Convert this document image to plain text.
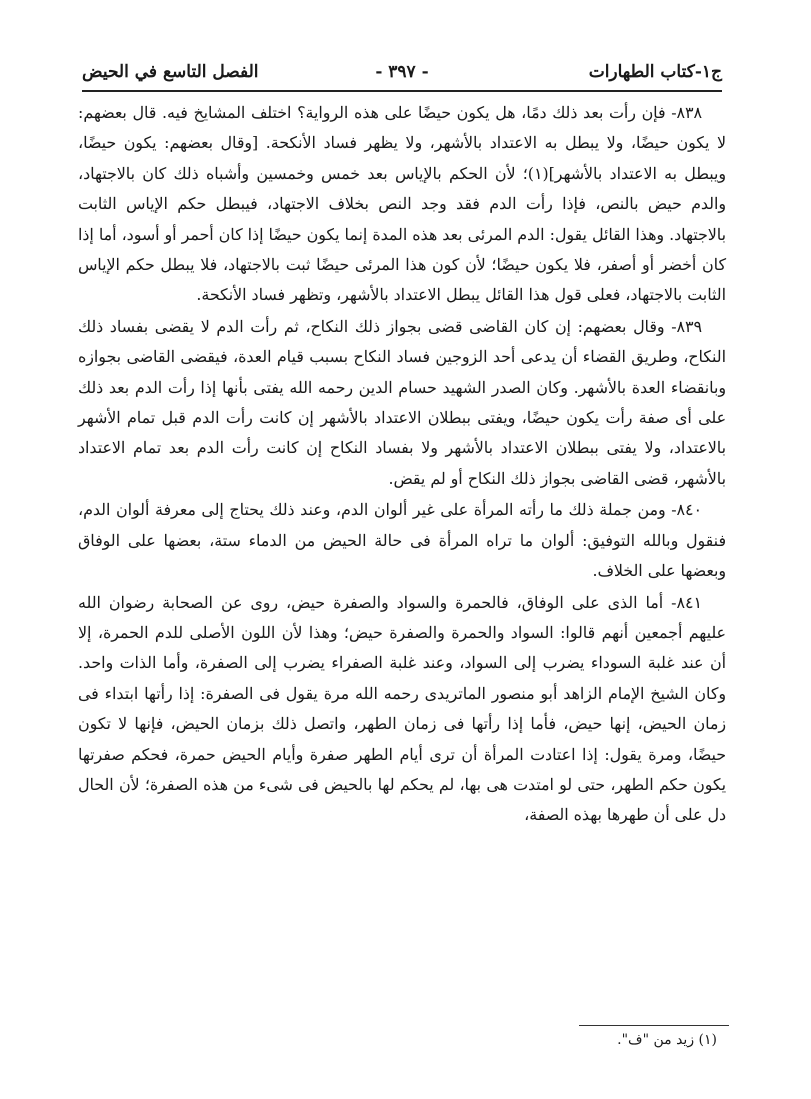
ج١-كتاب الطهارات
- ٣٩٧ -
الفصل التاسع في الحيض

٨٣٨- فإن رأت بعد ذلك دمًا، هل يكون حيضًا على هذه الرواية؟ اختلف المشايخ فيه. قال بعضهم: لا يكون حيضًا، ولا يبطل به الاعتداد بالأشهر، ولا يظهر فساد الأنكحة. [وقال بعضهم: يكون حيضًا، ويبطل به الاعتداد بالأشهر](١)؛ لأن الحكم بالإياس بعد خمس وخمسين وأشباه ذلك كان بالاجتهاد، والدم حيض بالنص، فإذا رأت الدم فقد وجد النص بخلاف الاجتهاد، فيبطل حكم الإياس الثابت بالاجتهاد. وهذا القائل يقول: الدم المرئى بعد هذه المدة إنما يكون حيضًا إذا كان أحمر أو أسود، أما إذا كان أخضر أو أصفر، فلا يكون حيضًا؛ لأن كون هذا المرئى حيضًا ثبت بالاجتهاد، فلا يبطل حكم الإياس الثابت بالاجتهاد، فعلى قول هذا القائل يبطل الاعتداد بالأشهر، وتظهر فساد الأنكحة.

٨٣٩- وقال بعضهم: إن كان القاضى قضى بجواز ذلك النكاح، ثم رأت الدم لا يقضى بفساد ذلك النكاح، وطريق القضاء أن يدعى أحد الزوجين فساد النكاح بسبب قيام العدة، فيقضى القاضى بجوازه وبانقضاء العدة بالأشهر. وكان الصدر الشهيد حسام الدين رحمه الله يفتى بأنها إذا رأت الدم بعد ذلك على أى صفة رأت يكون حيضًا، ويفتى ببطلان الاعتداد بالأشهر إن كانت رأت الدم قبل تمام الأشهر بالاعتداد، ولا يفتى ببطلان الاعتداد بالأشهر ولا بفساد النكاح إن كانت رأت الدم بعد تمام الاعتداد بالأشهر، قضى القاضى بجواز ذلك النكاح أو لم يقض.

٨٤٠- ومن جملة ذلك ما رأته المرأة على غير ألوان الدم، وعند ذلك يحتاج إلى معرفة ألوان الدم، فنقول وبالله التوفيق: ألوان ما تراه المرأة فى حالة الحيض من الدماء ستة، بعضها على الوفاق وبعضها على الخلاف.

٨٤١- أما الذى على الوفاق، فالحمرة والسواد والصفرة حيض، روى عن الصحابة رضوان الله عليهم أجمعين أنهم قالوا: السواد والحمرة والصفرة حيض؛ وهذا لأن اللون الأصلى للدم الحمرة، إلا أن عند غلبة السوداء يضرب إلى السواد، وعند غلبة الصفراء يضرب إلى الصفرة، وأما الذات واحد. وكان الشيخ الإمام الزاهد أبو منصور الماتريدى رحمه الله مرة يقول فى الصفرة: إذا رأتها ابتداء فى زمان الحيض، إنها حيض، فأما إذا رأتها فى زمان الطهر، واتصل ذلك بزمان الحيض، فإنها لا تكون حيضًا، ومرة يقول: إذا اعتادت المرأة أن ترى أيام الطهر صفرة وأيام الحيض حمرة، فحكم صفرتها يكون حكم الطهر، حتى لو امتدت هى بها، لم يحكم لها بالحيض فى شىء من هذه الصفرة؛ لأن الحال دل على أن طهرها بهذه الصفة،

(١) زيد من "ف".
